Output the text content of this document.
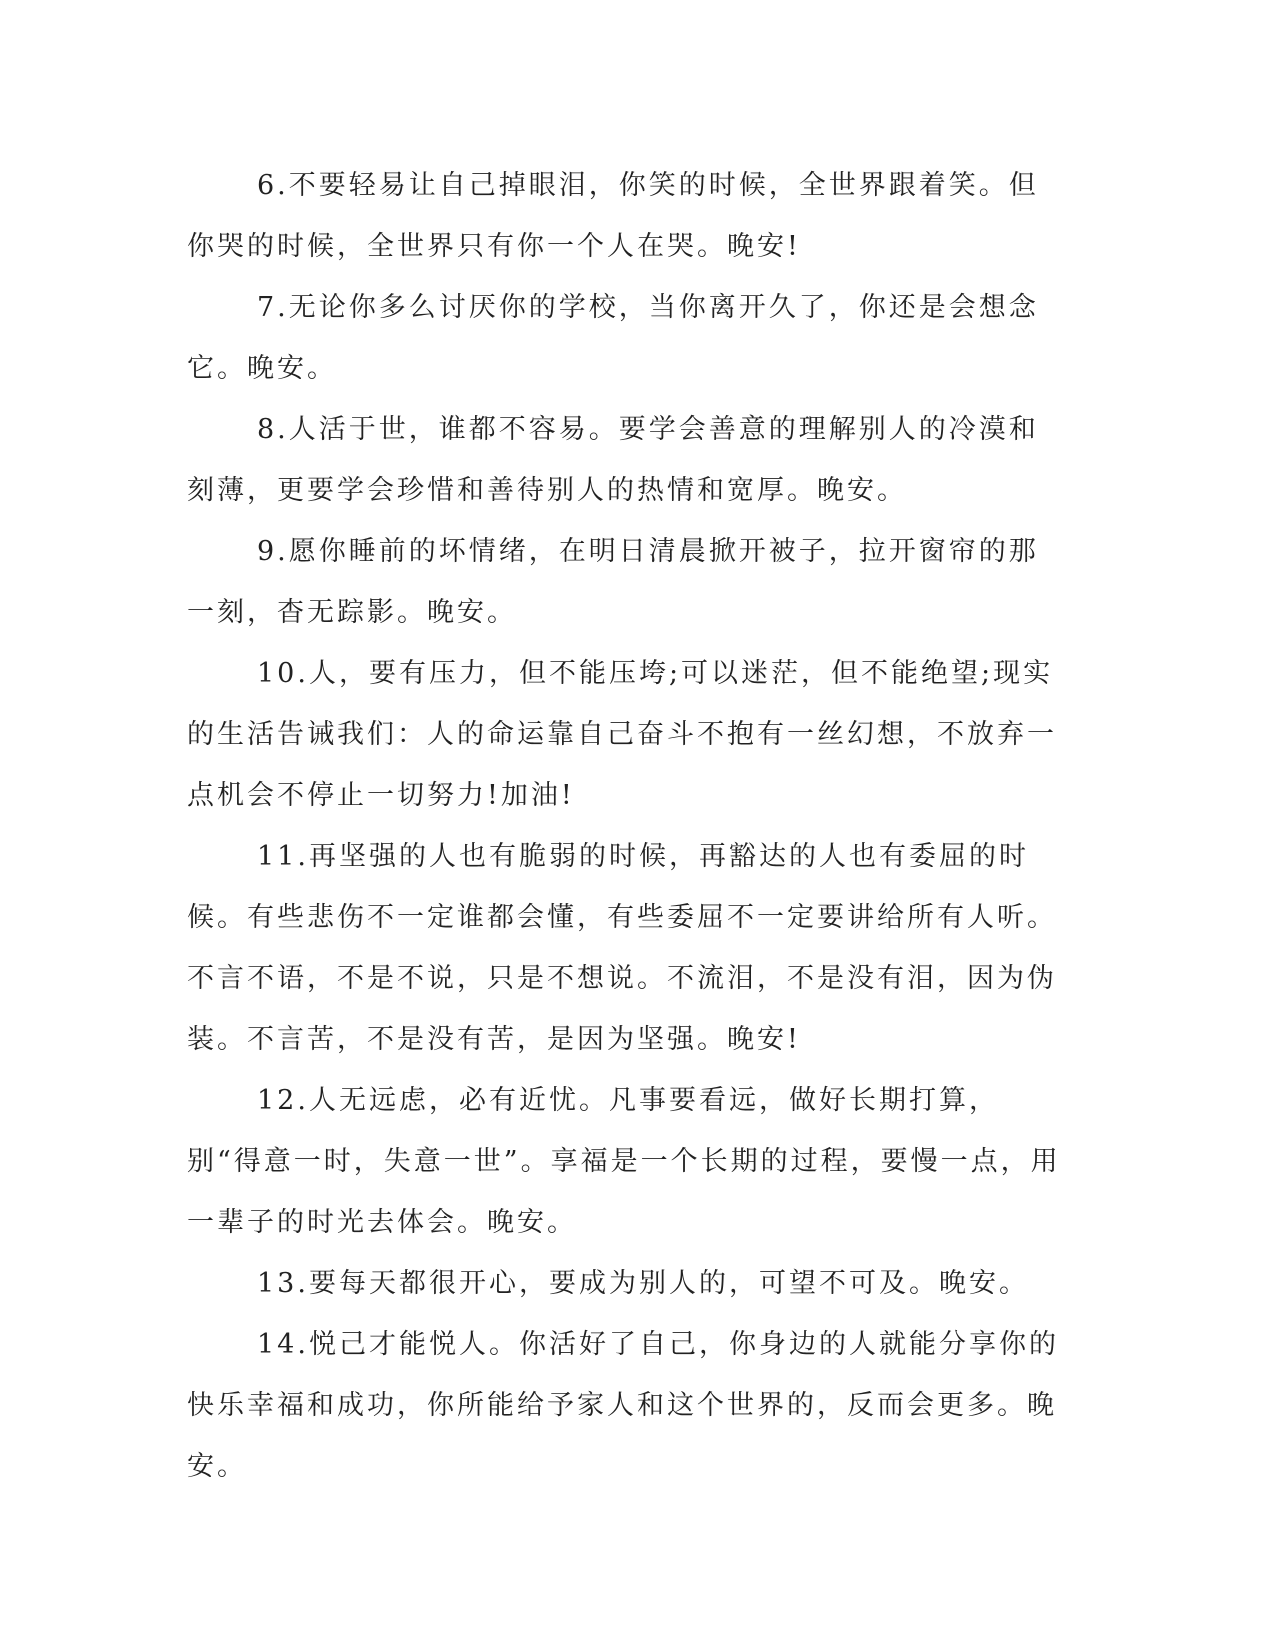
6.不要轻易让自己掉眼泪，你笑的时候，全世界跟着笑。但你哭的时候，全世界只有你一个人在哭。晚安!

7.无论你多么讨厌你的学校，当你离开久了，你还是会想念它。晚安。

8.人活于世，谁都不容易。要学会善意的理解别人的冷漠和刻薄，更要学会珍惜和善待别人的热情和宽厚。晚安。

9.愿你睡前的坏情绪，在明日清晨掀开被子，拉开窗帘的那一刻，杳无踪影。晚安。

10.人，要有压力，但不能压垮;可以迷茫，但不能绝望;现实的生活告诫我们：人的命运靠自己奋斗不抱有一丝幻想，不放弃一点机会不停止一切努力!加油!

11.再坚强的人也有脆弱的时候，再豁达的人也有委屈的时候。有些悲伤不一定谁都会懂，有些委屈不一定要讲给所有人听。不言不语，不是不说，只是不想说。不流泪，不是没有泪，因为伪装。不言苦，不是没有苦，是因为坚强。晚安!

12.人无远虑，必有近忧。凡事要看远，做好长期打算，别“得意一时，失意一世”。享福是一个长期的过程，要慢一点，用一辈子的时光去体会。晚安。

13.要每天都很开心，要成为别人的，可望不可及。晚安。

14.悦己才能悦人。你活好了自己，你身边的人就能分享你的快乐幸福和成功，你所能给予家人和这个世界的，反而会更多。晚安。
